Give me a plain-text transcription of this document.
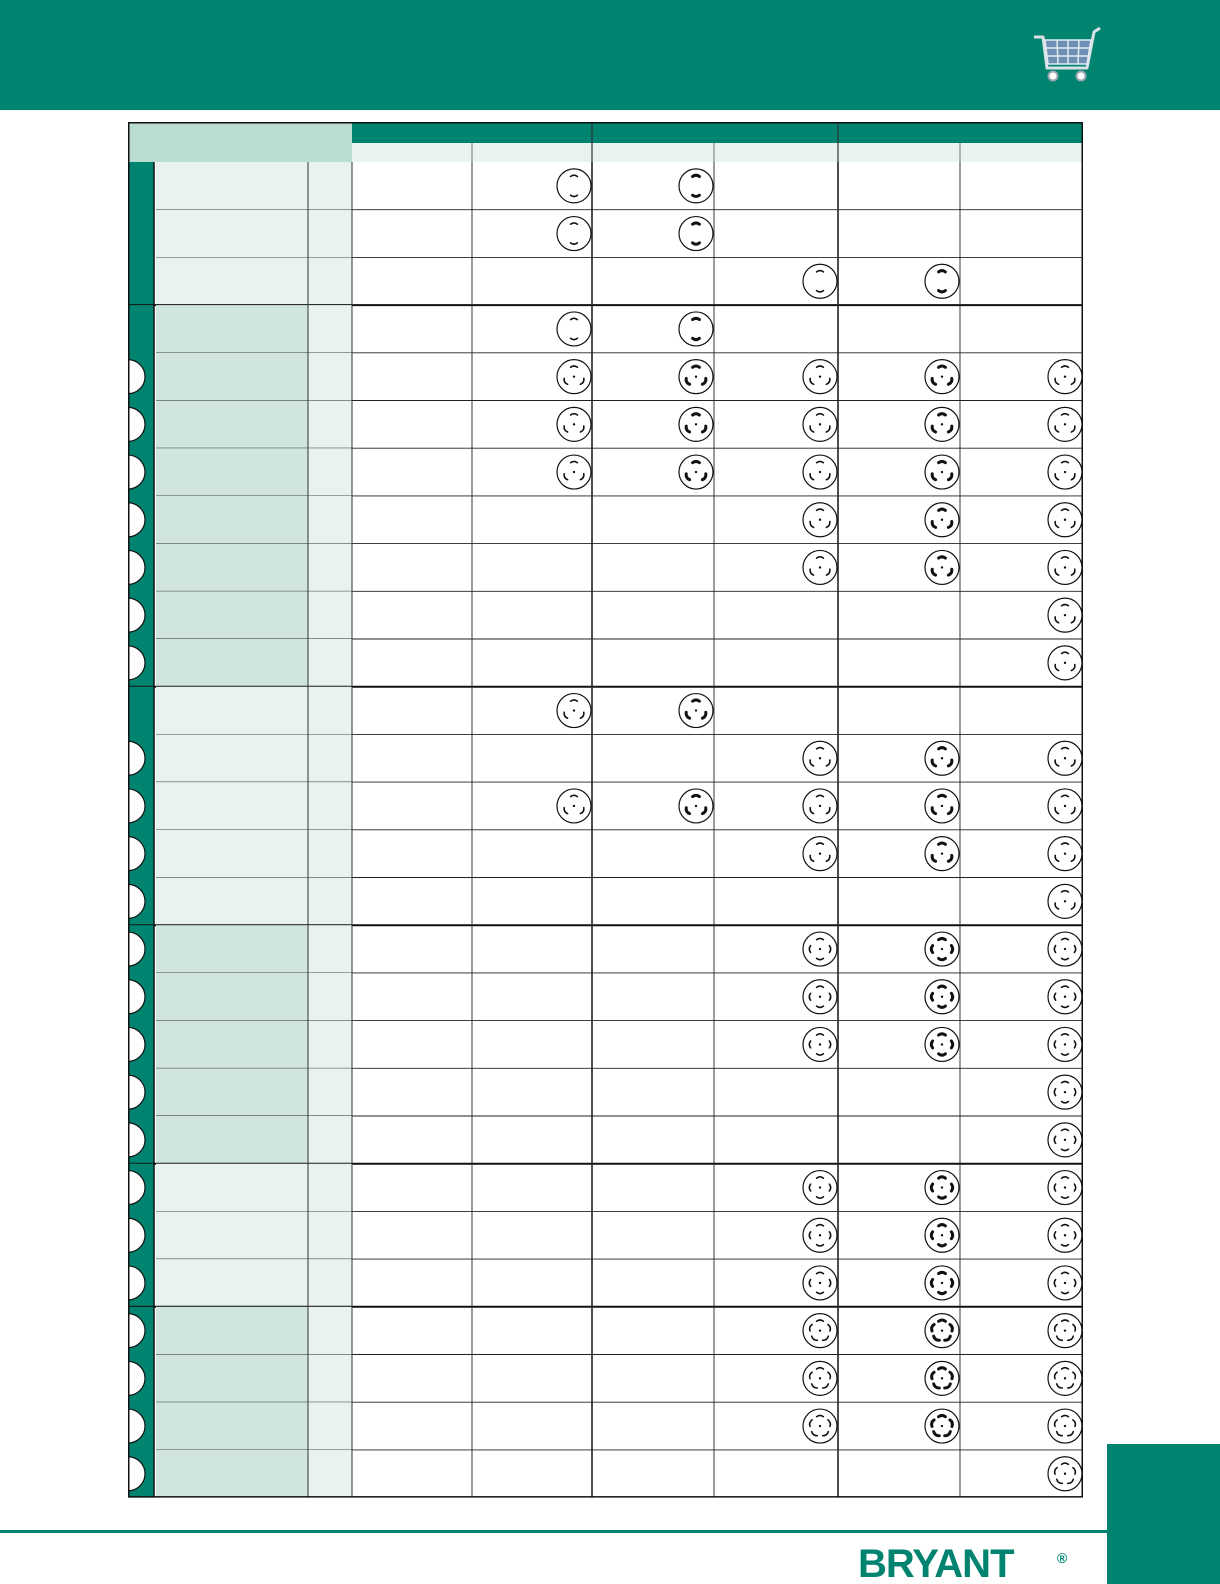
BRYANT	®
